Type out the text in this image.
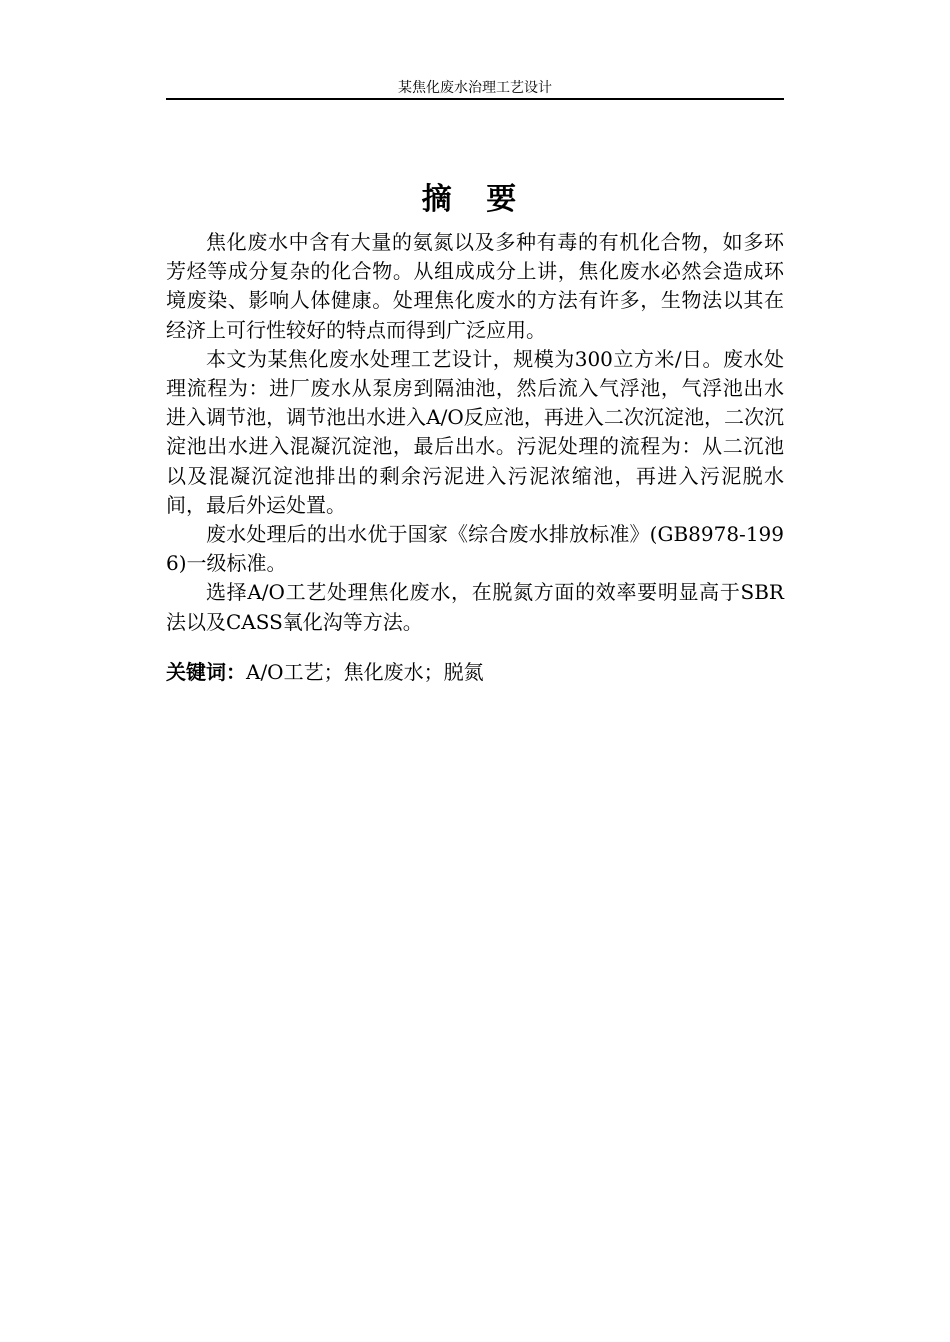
某焦化废水治理工艺设计
摘 要

焦化废水中含有大量的氨氮以及多种有毒的有机化合物，如多环芳烃等成分复杂的化合物。从组成成分上讲，焦化废水必然会造成环境废染、影响人体健康。处理焦化废水的方法有许多，生物法以其在经济上可行性较好的特点而得到广泛应用。

本文为某焦化废水处理工艺设计，规模为300立方米/日。废水处理流程为：进厂废水从泵房到隔油池，然后流入气浮池，气浮池出水进入调节池，调节池出水进入A/O反应池，再进入二次沉淀池，二次沉淀池出水进入混凝沉淀池，最后出水。污泥处理的流程为：从二沉池以及混凝沉淀池排出的剩余污泥进入污泥浓缩池，再进入污泥脱水间，最后外运处置。

废水处理后的出水优于国家《综合废水排放标准》(GB8978-1996)一级标准。

选择A/O工艺处理焦化废水，在脱氮方面的效率要明显高于SBR法以及CASS氧化沟等方法。

关键词：A/O工艺；焦化废水；脱氮
